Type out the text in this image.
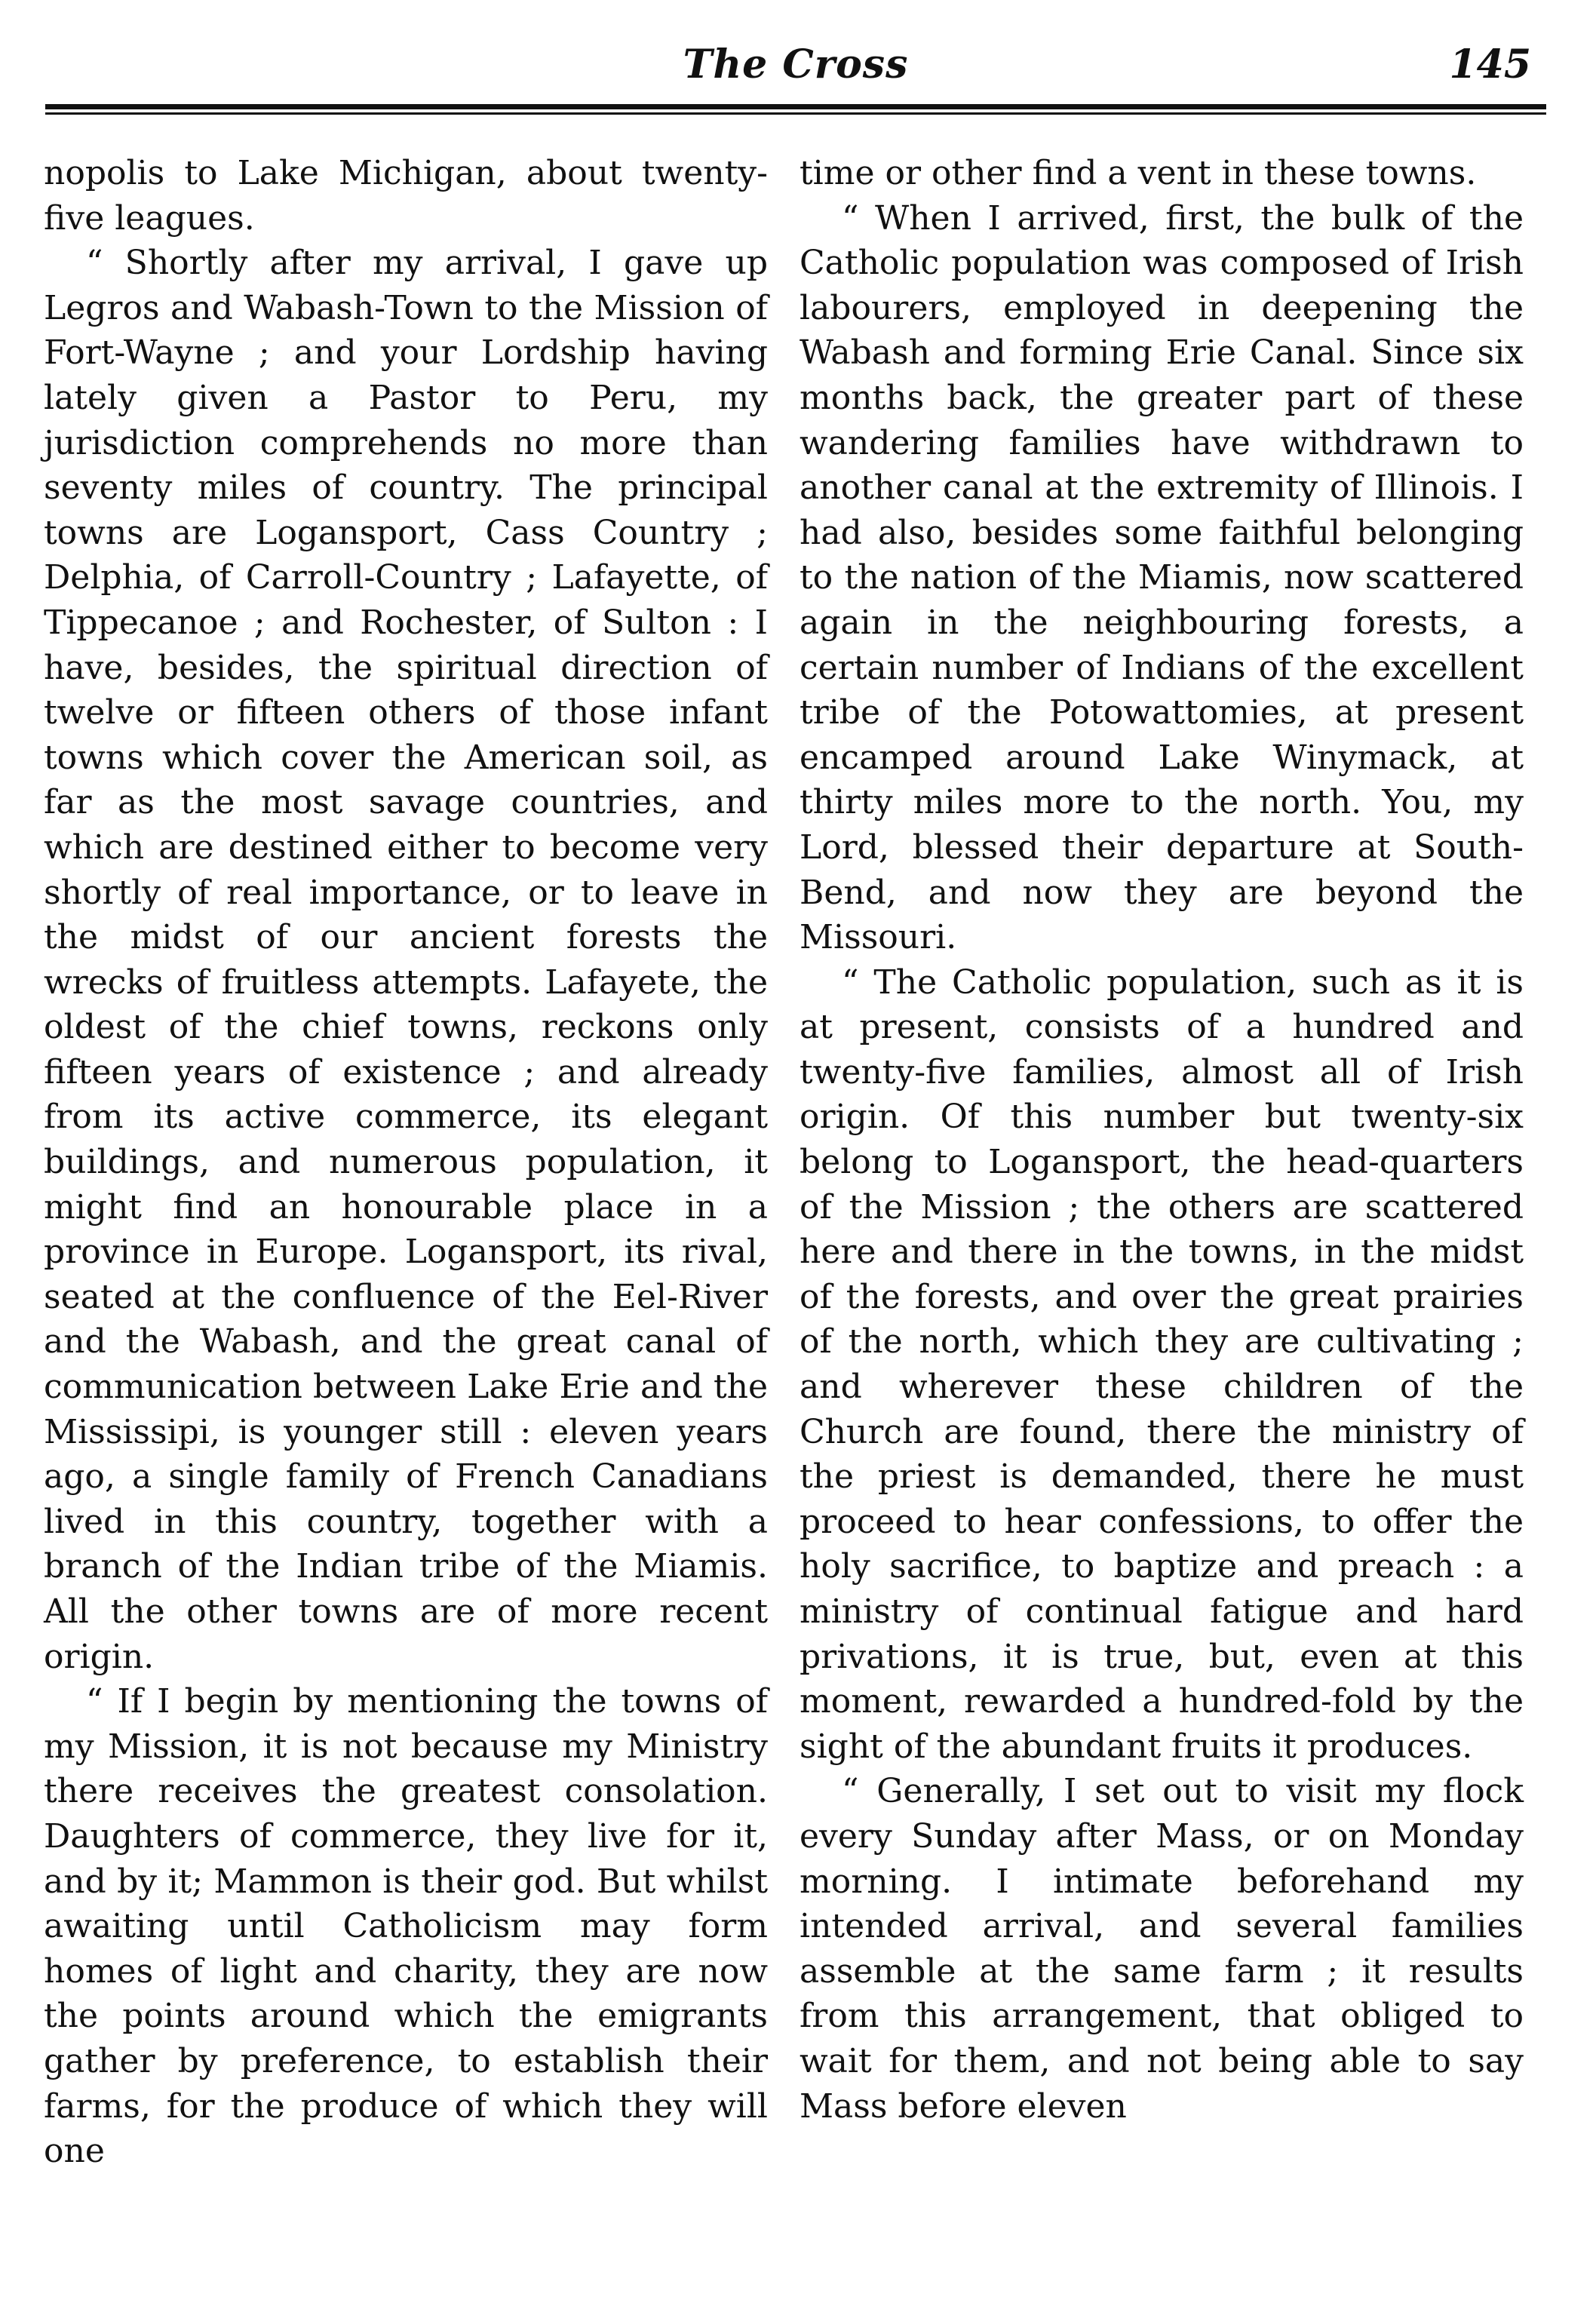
The Cross	145

nopolis to Lake Michigan, about twenty-five leagues.

“ Shortly after my arrival, I gave up Legros and Wabash-Town to the Mission of Fort-Wayne ; and your Lordship having lately given a Pastor to Peru, my jurisdiction comprehends no more than seventy miles of country. The principal towns are Logansport, Cass Country ; Delphia, of Carroll-Country ; Lafayette, of Tippecanoe ; and Rochester, of Sulton : I have, besides, the spiritual direction of twelve or fifteen others of those infant towns which cover the American soil, as far as the most savage countries, and which are destined either to become very shortly of real importance, or to leave in the midst of our ancient forests the wrecks of fruitless attempts. Lafayete, the oldest of the chief towns, reckons only fifteen years of existence ; and already from its active commerce, its elegant buildings, and numerous population, it might find an honourable place in a province in Europe. Logansport, its rival, seated at the confluence of the Eel-River and the Wabash, and the great canal of communication between Lake Erie and the Mississipi, is younger still : eleven years ago, a single family of French Canadians lived in this country, together with a branch of the Indian tribe of the Miamis. All the other towns are of more recent origin.

“ If I begin by mentioning the towns of my Mission, it is not because my Ministry there receives the greatest consolation. Daughters of commerce, they live for it, and by it; Mammon is their god. But whilst awaiting until Catholicism may form homes of light and charity, they are now the points around which the emigrants gather by preference, to establish their farms, for the produce of which they will one

time or other find a vent in these towns.

“ When I arrived, first, the bulk of the Catholic population was composed of Irish labourers, employed in deepening the Wabash and forming Erie Canal. Since six months back, the greater part of these wandering families have withdrawn to another canal at the extremity of Illinois. I had also, besides some faithful belonging to the nation of the Miamis, now scattered again in the neighbouring forests, a certain number of Indians of the excellent tribe of the Potowattomies, at present encamped around Lake Winymack, at thirty miles more to the north. You, my Lord, blessed their departure at South-Bend, and now they are beyond the Missouri.

“ The Catholic population, such as it is at present, consists of a hundred and twenty-five families, almost all of Irish origin. Of this number but twenty-six belong to Logansport, the head-quarters of the Mission ; the others are scattered here and there in the towns, in the midst of the forests, and over the great prairies of the north, which they are cultivating ; and wherever these children of the Church are found, there the ministry of the priest is demanded, there he must proceed to hear confessions, to offer the holy sacrifice, to baptize and preach : a ministry of continual fatigue and hard privations, it is true, but, even at this moment, rewarded a hundred-fold by the sight of the abundant fruits it produces.

“ Generally, I set out to visit my flock every Sunday after Mass, or on Monday morning. I intimate beforehand my intended arrival, and several families assemble at the same farm ; it results from this arrangement, that obliged to wait for them, and not being able to say Mass before eleven
